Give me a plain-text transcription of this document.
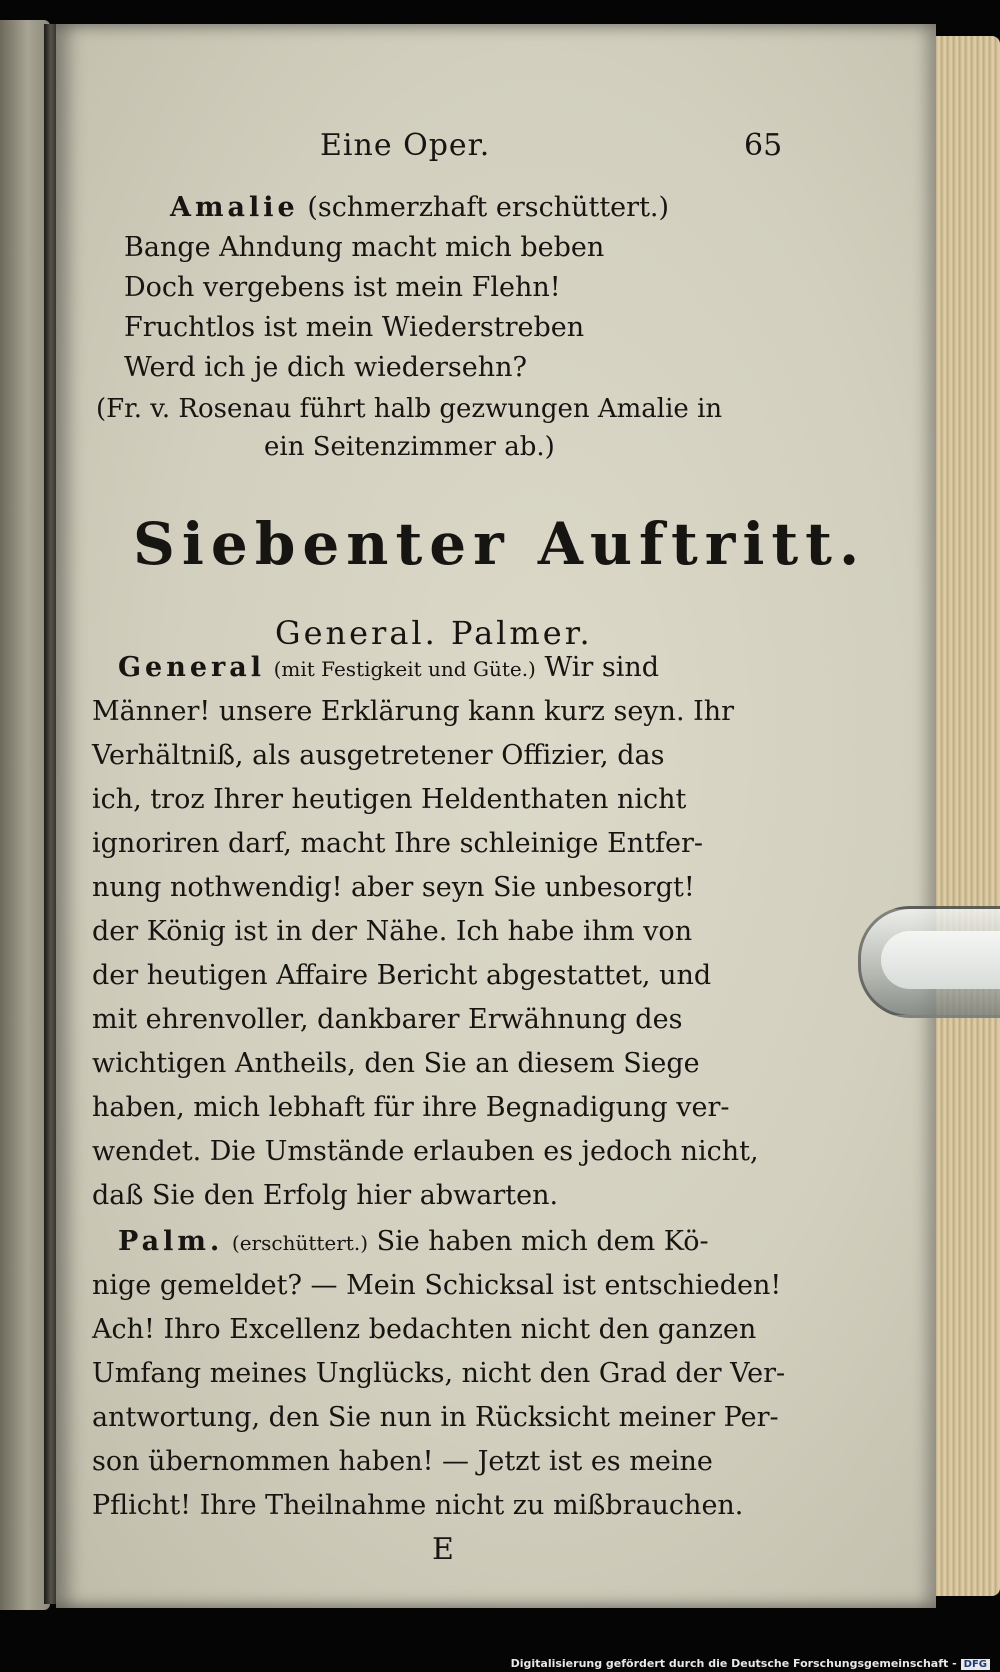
Eine Oper.	65
Amalie (schmerzhaft erschüttert.)
Bange Ahndung macht mich beben
Doch vergebens ist mein Flehn!
Fruchtlos ist mein Wiederstreben
Werd ich je dich wiedersehn?
(Fr. v. Rosenau führt halb gezwungen Amalie in
ein Seitenzimmer ab.)
Siebenter Auftritt.
General. Palmer.
General (mit Festigkeit und Güte.) Wir sind
Männer! unsere Erklärung kann kurz seyn. Ihr
Verhältniß, als ausgetretener Offizier, das
ich, troz Ihrer heutigen Heldenthaten nicht
ignoriren darf, macht Ihre schleinige Entfer-
nung nothwendig! aber seyn Sie unbesorgt!
der König ist in der Nähe. Ich habe ihm von
der heutigen Affaire Bericht abgestattet, und
mit ehrenvoller, dankbarer Erwähnung des
wichtigen Antheils, den Sie an diesem Siege
haben, mich lebhaft für ihre Begnadigung ver-
wendet. Die Umstände erlauben es jedoch nicht,
daß Sie den Erfolg hier abwarten.
Palm. (erschüttert.) Sie haben mich dem Kö-
nige gemeldet? — Mein Schicksal ist entschieden!
Ach! Ihro Excellenz bedachten nicht den ganzen
Umfang meines Unglücks, nicht den Grad der Ver-
antwortung, den Sie nun in Rücksicht meiner Per-
son übernommen haben! — Jetzt ist es meine
Pflicht! Ihre Theilnahme nicht zu mißbrauchen.
E
Digitalisierung gefördert durch die Deutsche Forschungsgemeinschaft - DFG
